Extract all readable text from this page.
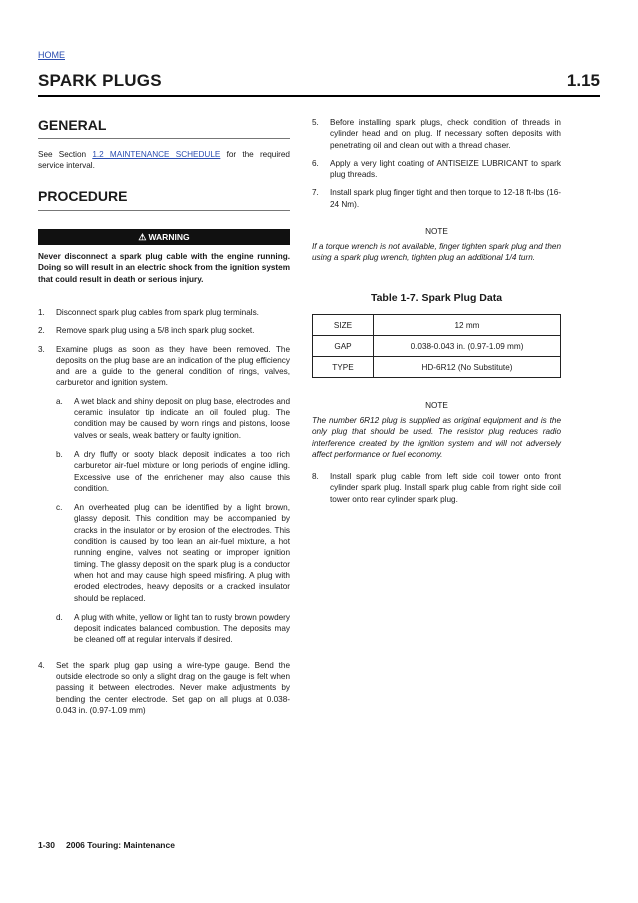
HOME
SPARK PLUGS	1.15
GENERAL

See Section 1.2 MAINTENANCE SCHEDULE for the required service interval.

PROCEDURE
⚠ WARNING

Never disconnect a spark plug cable with the engine running. Doing so will result in an electric shock from the ignition system that could result in death or serious injury.

1. Disconnect spark plug cables from spark plug terminals.
2. Remove spark plug using a 5/8 inch spark plug socket.
3. Examine plugs as soon as they have been removed. The deposits on the plug base are an indication of the plug efficiency and are a guide to the general condition of rings, valves, carburetor and ignition system.
a. A wet black and shiny deposit on plug base, electrodes and ceramic insulator tip indicate an oil fouled plug. The condition may be caused by worn rings and pistons, loose valves or seals, weak battery or faulty ignition.
b. A dry fluffy or sooty black deposit indicates a too rich carburetor air-fuel mixture or long periods of engine idling. Excessive use of the enrichener may also cause this condition.
c. An overheated plug can be identified by a light brown, glassy deposit. This condition may be accompanied by cracks in the insulator or by erosion of the electrodes. This condition is caused by too lean an air-fuel mixture, a hot running engine, valves not seating or improper ignition timing. The glassy deposit on the spark plug is a conductor when hot and may cause high speed misfiring. A plug with eroded electrodes, heavy deposits or a cracked insulator should be replaced.
d. A plug with white, yellow or light tan to rusty brown powdery deposit indicates balanced combustion. The deposits may be cleaned off at regular intervals if desired.
4. Set the spark plug gap using a wire-type gauge. Bend the outside electrode so only a slight drag on the gauge is felt when passing it between electrodes. Never make adjustments by bending the center electrode. Set gap on all plugs at 0.038-0.043 in. (0.97-1.09 mm)
5. Before installing spark plugs, check condition of threads in cylinder head and on plug. If necessary soften deposits with penetrating oil and clean out with a thread chaser.
6. Apply a very light coating of ANTISEIZE LUBRICANT to spark plug threads.
7. Install spark plug finger tight and then torque to 12-18 ft-lbs (16-24 Nm).

NOTE

If a torque wrench is not available, finger tighten spark plug and then using a spark plug wrench, tighten plug an additional 1/4 turn.

Table 1-7. Spark Plug Data

SIZE	12 mm
GAP	0.038-0.043 in. (0.97-1.09 mm)
TYPE	HD-6R12 (No Substitute)

NOTE

The number 6R12 plug is supplied as original equipment and is the only plug that should be used. The resistor plug reduces radio interference created by the ignition system and will not adversely affect performance or fuel economy.

8. Install spark plug cable from left side coil tower onto front cylinder spark plug. Install spark plug cable from right side coil tower onto rear cylinder spark plug.
1-30 2006 Touring: Maintenance
